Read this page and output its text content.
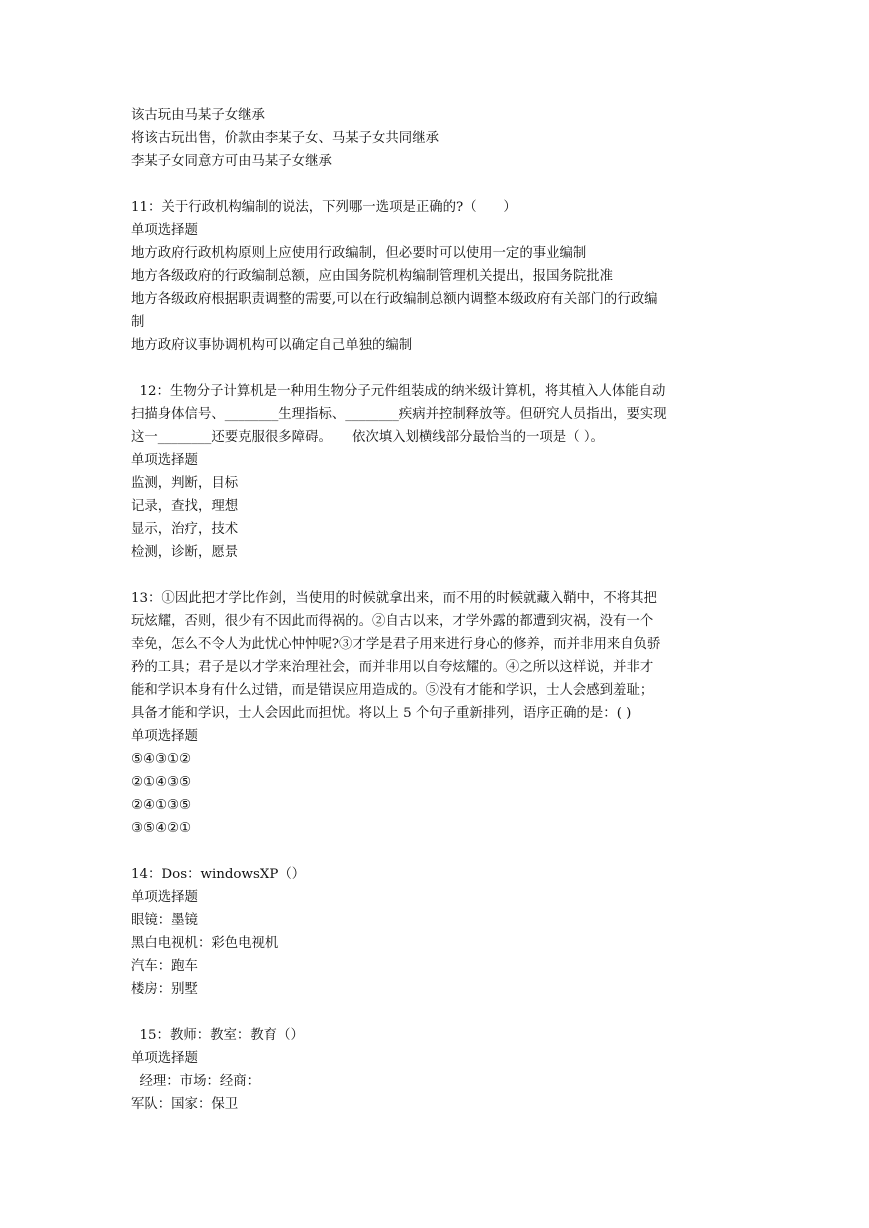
该古玩由马某子女继承

将该古玩出售，价款由李某子女、马某子女共同继承

李某子女同意方可由马某子女继承

11：关于行政机构编制的说法，下列哪一选项是正确的?（　　）

单项选择题

地方政府行政机构原则上应使用行政编制，但必要时可以使用一定的事业编制

地方各级政府的行政编制总额，应由国务院机构编制管理机关提出，报国务院批准

地方各级政府根据职责调整的需要,可以在行政编制总额内调整本级政府有关部门的行政编

制

地方政府议事协调机构可以确定自己单独的编制

12：生物分子计算机是一种用生物分子元件组装成的纳米级计算机，将其植入人体能自动

扫描身体信号、________生理指标、________疾病并控制释放等。但研究人员指出，要实现

这一________还要克服很多障碍。　　依次填入划横线部分最恰当的一项是（ ）。

单项选择题

监测，判断，目标

记录，查找，理想

显示，治疗，技术

检测，诊断，愿景

13：①因此把才学比作剑，当使用的时候就拿出来，而不用的时候就藏入鞘中，不将其把

玩炫耀，否则，很少有不因此而得祸的。②自古以来，才学外露的都遭到灾祸，没有一个

幸免，怎么不令人为此忧心忡忡呢?③才学是君子用来进行身心的修养，而并非用来自负骄

矜的工具；君子是以才学来治理社会，而并非用以自夸炫耀的。④之所以这样说，并非才

能和学识本身有什么过错，而是错误应用造成的。⑤没有才能和学识，士人会感到羞耻；

具备才能和学识，士人会因此而担忧。将以上 5 个句子重新排列，语序正确的是：( )

单项选择题

⑤④③①②

②①④③⑤

②④①③⑤

③⑤④②①

14：Dos：windowsXP（）

单项选择题

眼镜：墨镜

黑白电视机：彩色电视机

汽车：跑车

楼房：别墅

15：教师：教室：教育（）

单项选择题

经理：市场：经商：

军队：国家：保卫
